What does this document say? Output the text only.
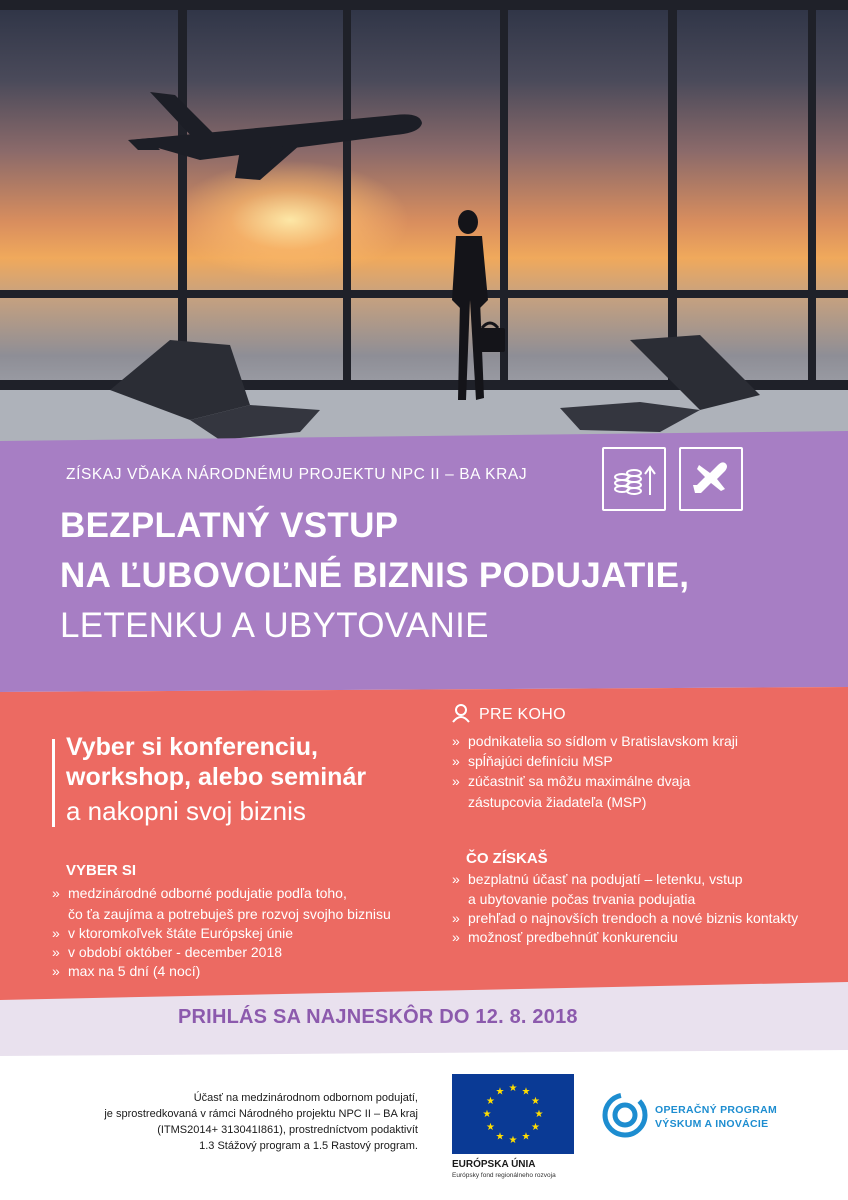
ZÍSKAJ VĎAKA NÁRODNÉMU PROJEKTU NPC II – BA KRAJ
BEZPLATNÝ VSTUP
NA ĽUBOVOĽNÉ BIZNIS PODUJATIE,
LETENKU A UBYTOVANIE
Vyber si konferenciu,
workshop, alebo seminár
a nakopni svoj biznis
PRE KOHO
» podnikatelia so sídlom v Bratislavskom kraji
» spĺňajúci definíciu MSP
» zúčastniť sa môžu maximálne dvaja
zástupcovia žiadateľa (MSP)
VYBER SI
» medzinárodné odborné podujatie podľa toho,
čo ťa zaujíma a potrebuješ pre rozvoj svojho biznisu
» v ktoromkoľvek štáte Európskej únie
» v období október - december 2018
» max na 5 dní (4 nocí)
ČO ZÍSKAŠ
» bezplatnú účasť na podujatí – letenku, vstup
a ubytovanie počas trvania podujatia
» prehľad o najnovších trendoch a nové biznis kontakty
» možnosť predbehnúť konkurenciu
PRIHLÁS SA NAJNESKÔR DO 12. 8. 2018
Účasť na medzinárodnom odbornom podujatí,
je sprostredkovaná v rámci Národného projektu NPC II – BA kraj
(ITMS2014+ 313041I861), prostredníctvom podaktivít
1.3 Stážový program a 1.5 Rastový program.
★ ★
★
★
★
★
★
★
★
★
★
★
EURÓPSKA ÚNIA
Európsky fond regionálneho rozvoja
OPERAČNÝ PROGRAM
VÝSKUM A INOVÁCIE
